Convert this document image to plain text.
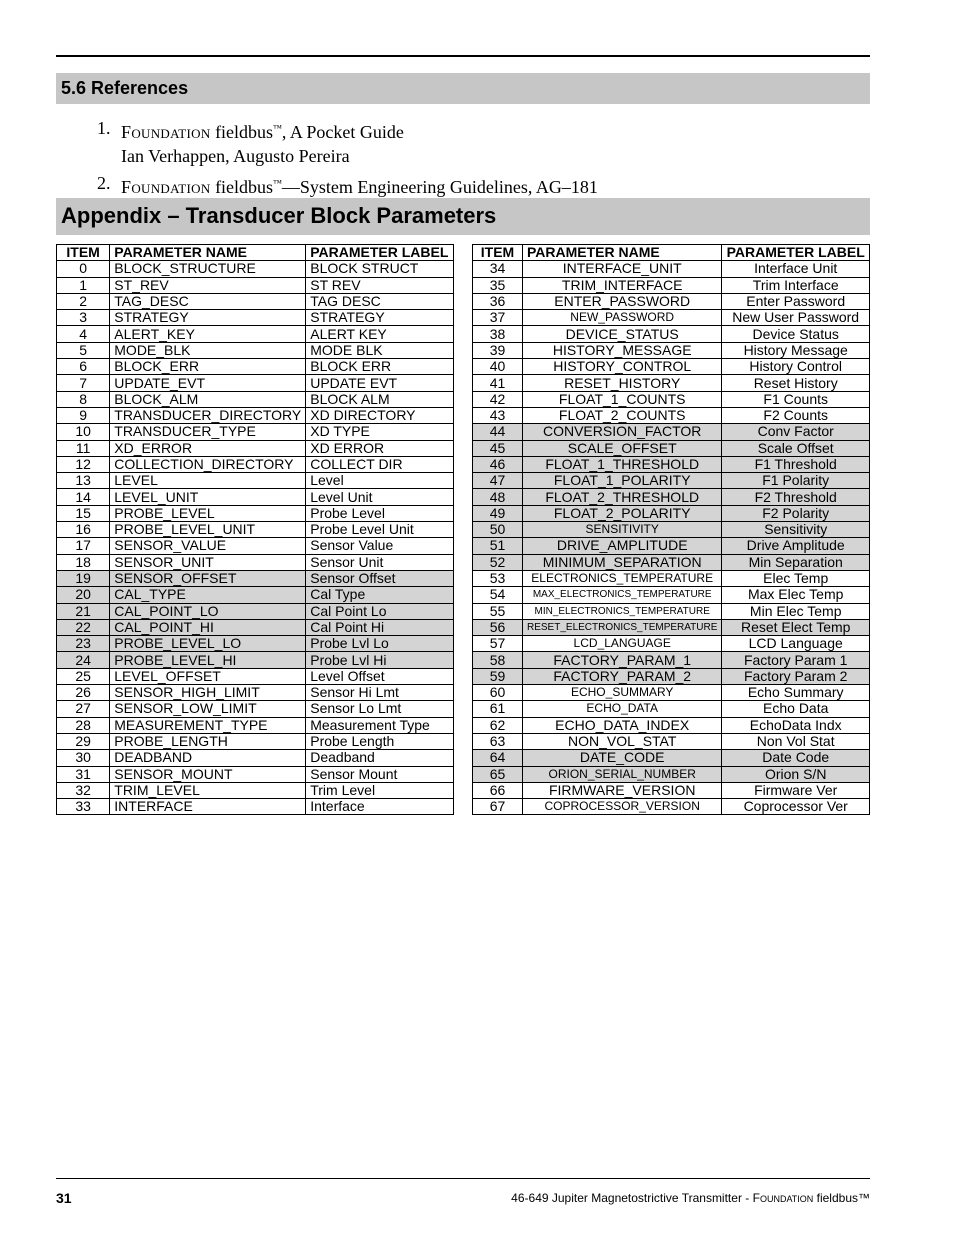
5.6 References
1. FOUNDATION fieldbus™, A Pocket Guide
Ian Verhappen, Augusto Pereira
2. FOUNDATION fieldbus™—System Engineering Guidelines, AG–181
Appendix – Transducer Block Parameters
ITEM	PARAMETER NAME	PARAMETER LABEL
0	BLOCK_STRUCTURE	BLOCK STRUCT
1	ST_REV	ST REV
2	TAG_DESC	TAG DESC
3	STRATEGY	STRATEGY
4	ALERT_KEY	ALERT KEY
5	MODE_BLK	MODE BLK
6	BLOCK_ERR	BLOCK ERR
7	UPDATE_EVT	UPDATE EVT
8	BLOCK_ALM	BLOCK ALM
9	TRANSDUCER_DIRECTORY	XD DIRECTORY
10	TRANSDUCER_TYPE	XD TYPE
11	XD_ERROR	XD ERROR
12	COLLECTION_DIRECTORY	COLLECT DIR
13	LEVEL	Level
14	LEVEL_UNIT	Level Unit
15	PROBE_LEVEL	Probe Level
16	PROBE_LEVEL_UNIT	Probe Level Unit
17	SENSOR_VALUE	Sensor Value
18	SENSOR_UNIT	Sensor Unit
19	SENSOR_OFFSET	Sensor Offset
20	CAL_TYPE	Cal Type
21	CAL_POINT_LO	Cal Point Lo
22	CAL_POINT_HI	Cal Point Hi
23	PROBE_LEVEL_LO	Probe Lvl Lo
24	PROBE_LEVEL_HI	Probe Lvl Hi
25	LEVEL_OFFSET	Level Offset
26	SENSOR_HIGH_LIMIT	Sensor Hi Lmt
27	SENSOR_LOW_LIMIT	Sensor Lo Lmt
28	MEASUREMENT_TYPE	Measurement Type
29	PROBE_LENGTH	Probe Length
30	DEADBAND	Deadband
31	SENSOR_MOUNT	Sensor Mount
32	TRIM_LEVEL	Trim Level
33	INTERFACE	Interface
ITEM	PARAMETER NAME	PARAMETER LABEL
34	INTERFACE_UNIT	Interface Unit
35	TRIM_INTERFACE	Trim Interface
36	ENTER_PASSWORD	Enter Password
37	NEW_PASSWORD	New User Password
38	DEVICE_STATUS	Device Status
39	HISTORY_MESSAGE	History Message
40	HISTORY_CONTROL	History Control
41	RESET_HISTORY	Reset History
42	FLOAT_1_COUNTS	F1 Counts
43	FLOAT_2_COUNTS	F2 Counts
44	CONVERSION_FACTOR	Conv Factor
45	SCALE_OFFSET	Scale Offset
46	FLOAT_1_THRESHOLD	F1 Threshold
47	FLOAT_1_POLARITY	F1 Polarity
48	FLOAT_2_THRESHOLD	F2 Threshold
49	FLOAT_2_POLARITY	F2 Polarity
50	SENSITIVITY	Sensitivity
51	DRIVE_AMPLITUDE	Drive Amplitude
52	MINIMUM_SEPARATION	Min Separation
53	ELECTRONICS_TEMPERATURE	Elec Temp
54	MAX_ELECTRONICS_TEMPERATURE	Max Elec Temp
55	MIN_ELECTRONICS_TEMPERATURE	Min Elec Temp
56	RESET_ELECTRONICS_TEMPERATURE	Reset Elect Temp
57	LCD_LANGUAGE	LCD Language
58	FACTORY_PARAM_1	Factory Param 1
59	FACTORY_PARAM_2	Factory Param 2
60	ECHO_SUMMARY	Echo Summary
61	ECHO_DATA	Echo Data
62	ECHO_DATA_INDEX	EchoData Indx
63	NON_VOL_STAT	Non Vol Stat
64	DATE_CODE	Date Code
65	ORION_SERIAL_NUMBER	Orion S/N
66	FIRMWARE_VERSION	Firmware Ver
67	COPROCESSOR_VERSION	Coprocessor Ver
31	46-649 Jupiter Magnetostrictive Transmitter - FOUNDATION fieldbus™
